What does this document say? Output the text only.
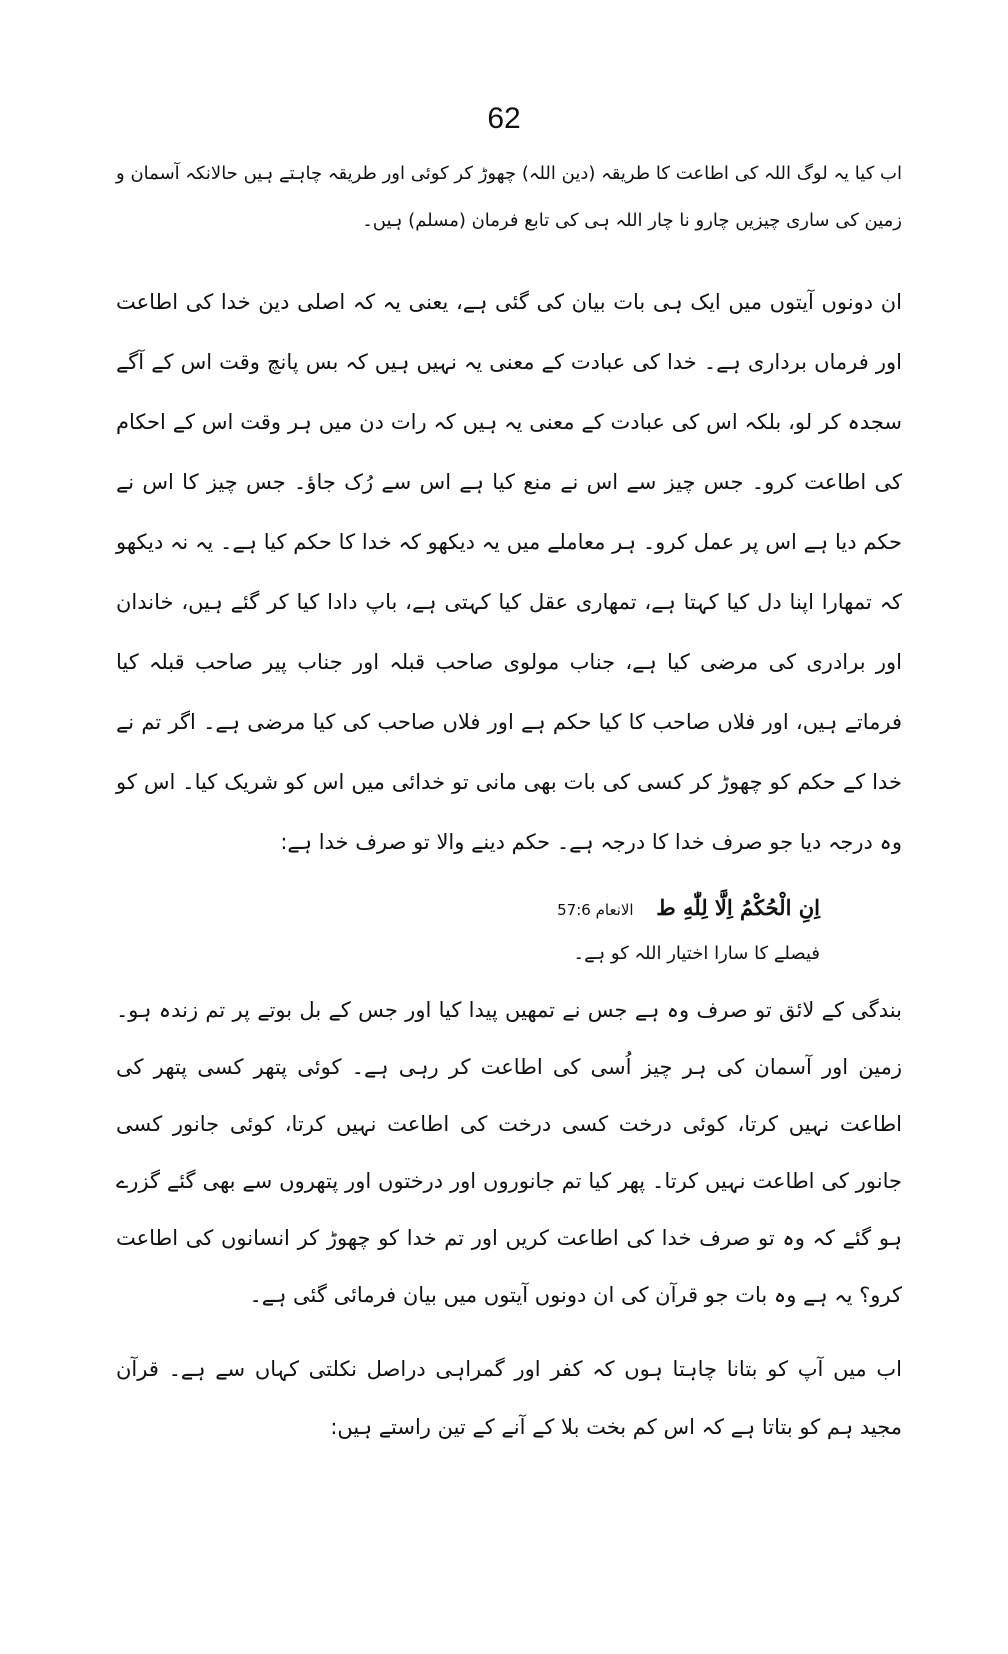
62

اب کیا یہ لوگ اللہ کی اطاعت کا طریقہ (دین اللہ) چھوڑ کر کوئی اور طریقہ چاہتے ہیں حالانکہ آسمان و زمین کی ساری چیزیں چارو نا چار اللہ ہی کی تابع فرمان (مسلم) ہیں۔

ان دونوں آیتوں میں ایک ہی بات بیان کی گئی ہے، یعنی یہ کہ اصلی دین خدا کی اطاعت اور فرماں برداری ہے۔ خدا کی عبادت کے معنی یہ نہیں ہیں کہ بس پانچ وقت اس کے آگے سجدہ کر لو، بلکہ اس کی عبادت کے معنی یہ ہیں کہ رات دن میں ہر وقت اس کے احکام کی اطاعت کرو۔ جس چیز سے اس نے منع کیا ہے اس سے رُک جاؤ۔ جس چیز کا اس نے حکم دیا ہے اس پر عمل کرو۔ ہر معاملے میں یہ دیکھو کہ خدا کا حکم کیا ہے۔ یہ نہ دیکھو کہ تمھارا اپنا دل کیا کہتا ہے، تمھاری عقل کیا کہتی ہے، باپ دادا کیا کر گئے ہیں، خاندان اور برادری کی مرضی کیا ہے، جناب مولوی صاحب قبلہ اور جناب پیر صاحب قبلہ کیا فرماتے ہیں، اور فلاں صاحب کا کیا حکم ہے اور فلاں صاحب کی کیا مرضی ہے۔ اگر تم نے خدا کے حکم کو چھوڑ کر کسی کی بات بھی مانی تو خدائی میں اس کو شریک کیا۔ اس کو وہ درجہ دیا جو صرف خدا کا درجہ ہے۔ حکم دینے والا تو صرف خدا ہے:

اِنِ الْحُكْمُ اِلَّا لِلّٰهِ ط الانعام 57:6
فیصلے کا سارا اختیار اللہ کو ہے۔

بندگی کے لائق تو صرف وہ ہے جس نے تمھیں پیدا کیا اور جس کے بل بوتے پر تم زندہ ہو۔ زمین اور آسمان کی ہر چیز اُسی کی اطاعت کر رہی ہے۔ کوئی پتھر کسی پتھر کی اطاعت نہیں کرتا، کوئی درخت کسی درخت کی اطاعت نہیں کرتا، کوئی جانور کسی جانور کی اطاعت نہیں کرتا۔ پھر کیا تم جانوروں اور درختوں اور پتھروں سے بھی گئے گزرے ہو گئے کہ وہ تو صرف خدا کی اطاعت کریں اور تم خدا کو چھوڑ کر انسانوں کی اطاعت کرو؟ یہ ہے وہ بات جو قرآن کی ان دونوں آیتوں میں بیان فرمائی گئی ہے۔

اب میں آپ کو بتانا چاہتا ہوں کہ کفر اور گمراہی دراصل نکلتی کہاں سے ہے۔ قرآن مجید ہم کو بتاتا ہے کہ اس کم بخت بلا کے آنے کے تین راستے ہیں:
